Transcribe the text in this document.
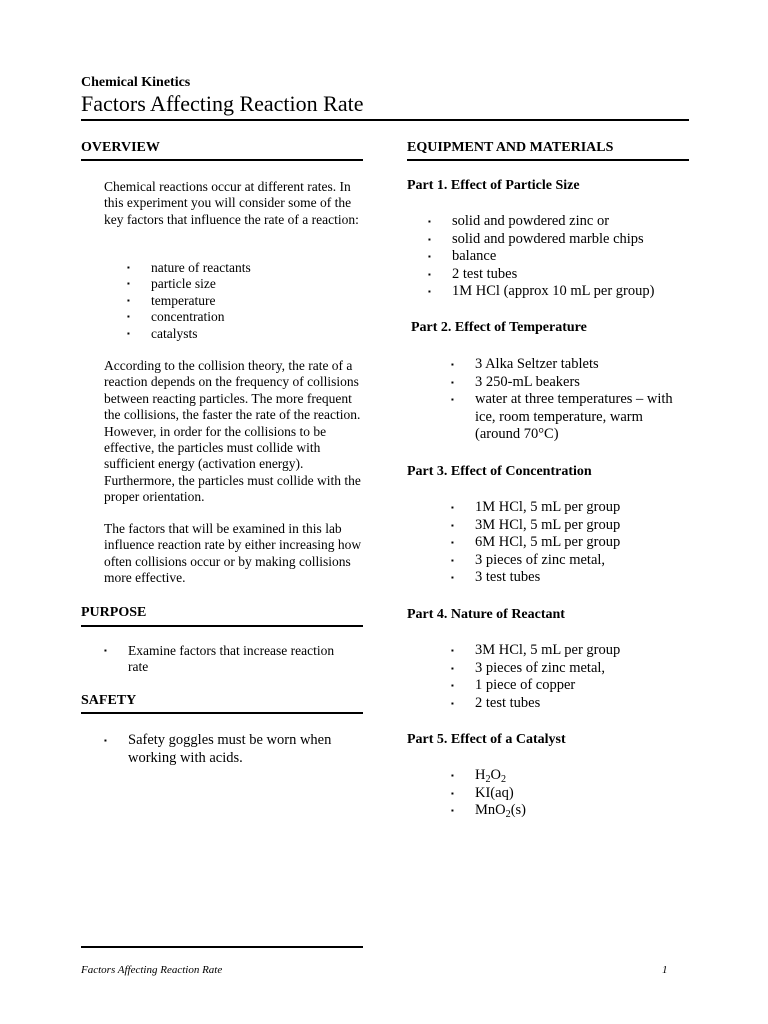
Chemical Kinetics
Factors Affecting Reaction Rate
OVERVIEW
Chemical reactions occur at different rates. In this experiment you will consider some of the key factors that influence the rate of a reaction:
▪ nature of reactants
▪ particle size
▪ temperature
▪ concentration
▪ catalysts
According to the collision theory, the rate of a reaction depends on the frequency of collisions between reacting particles. The more frequent the collisions, the faster the rate of the reaction. However, in order for the collisions to be effective, the particles must collide with sufficient energy (activation energy). Furthermore, the particles must collide with the proper orientation.
The factors that will be examined in this lab influence reaction rate by either increasing how often collisions occur or by making collisions more effective.
PURPOSE
▪ Examine factors that increase reaction rate
SAFETY
▪ Safety goggles must be worn when working with acids.
EQUIPMENT AND MATERIALS
Part 1. Effect of Particle Size
▪ solid and powdered zinc or
▪ solid and powdered marble chips
▪ balance
▪ 2 test tubes
▪ 1M HCl (approx 10 mL per group)
Part 2. Effect of Temperature
▪ 3 Alka Seltzer tablets
▪ 3 250-mL beakers
▪ water at three temperatures – with ice, room temperature, warm (around 70°C)
Part 3. Effect of Concentration
▪ 1M HCl, 5 mL per group
▪ 3M HCl, 5 mL per group
▪ 6M HCl, 5 mL per group
▪ 3 pieces of zinc metal,
▪ 3 test tubes
Part 4. Nature of Reactant
▪ 3M HCl, 5 mL per group
▪ 3 pieces of zinc metal,
▪ 1 piece of copper
▪ 2 test tubes
Part 5. Effect of a Catalyst
▪ $H_2O_2$
▪ KI(aq)
▪ MnO$_2$(s)
Factors Affecting Reaction Rate	1
